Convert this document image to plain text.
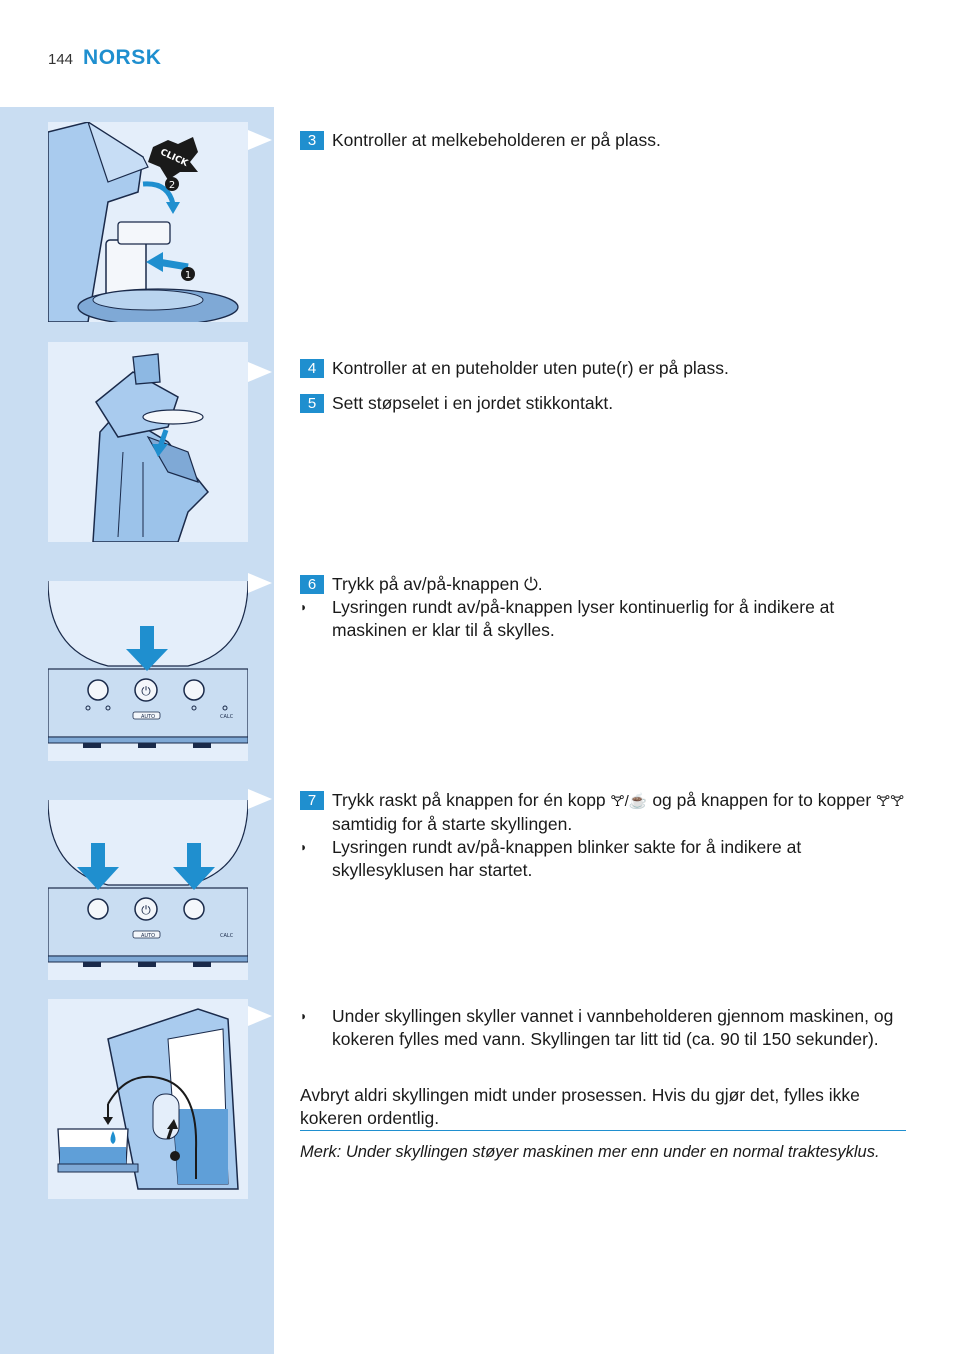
144 NORSK
2
1
CLICK
⏻
AUTO	CALC
⏻
AUTO	CALC
3 Kontroller at melkebeholderen er på plass.
4 Kontroller at en puteholder uten pute(r) er på plass.
5 Sett støpselet i en jordet stikkontakt.
6 Trykk på av/på-knappen ⏻.
◗	Lysringen rundt av/på-knappen lyser kontinuerlig for å indikere at maskinen er klar til å skylles.
7 Trykk raskt på knappen for én kopp 🝖/☕ og på knappen for to kopper 🝖🝖 samtidig for å starte skyllingen.
◗	Lysringen rundt av/på-knappen blinker sakte for å indikere at skyllesyklusen har startet.
◗	Under skyllingen skyller vannet i vannbeholderen gjennom maskinen, og kokeren fylles med vann. Skyllingen tar litt tid (ca. 90 til 150 sekunder).
Avbryt aldri skyllingen midt under prosessen. Hvis du gjør det, fylles ikke kokeren ordentlig.
Merk: Under skyllingen støyer maskinen mer enn under en normal traktesyklus.
